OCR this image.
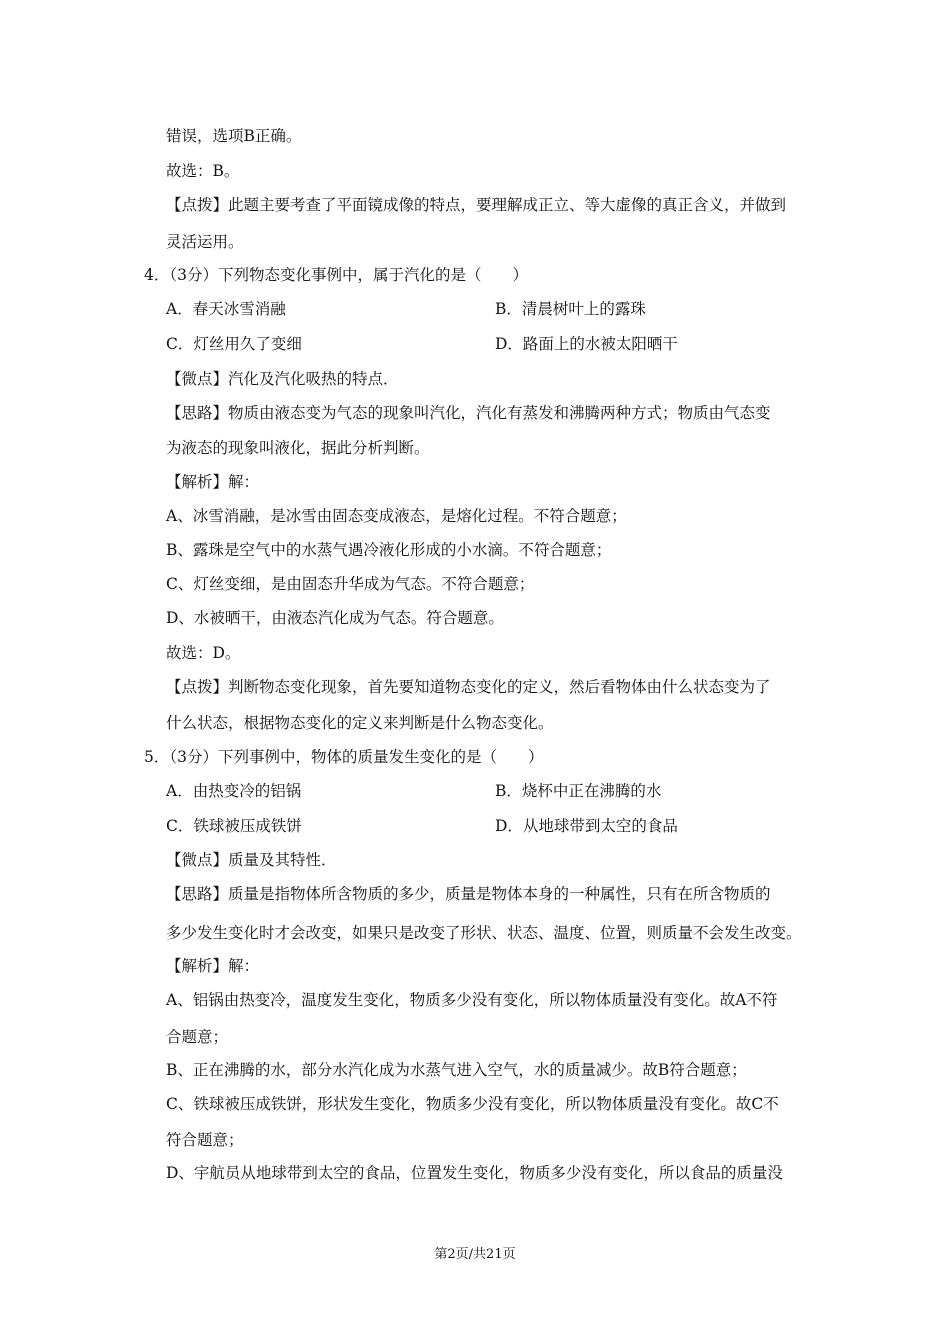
错误，选项B正确。
故选：B。
【点拨】此题主要考查了平面镜成像的特点，要理解成正立、等大虚像的真正含义，并做到
灵活运用。
4．（3分）下列物态变化事例中，属于汽化的是（　　）
A．春天冰雪消融	B．清晨树叶上的露珠
C．灯丝用久了变细	D．路面上的水被太阳晒干
【微点】汽化及汽化吸热的特点．
【思路】物质由液态变为气态的现象叫汽化，汽化有蒸发和沸腾两种方式；物质由气态变
为液态的现象叫液化，据此分析判断。
【解析】解：
A、冰雪消融，是冰雪由固态变成液态，是熔化过程。不符合题意；
B、露珠是空气中的水蒸气遇冷液化形成的小水滴。不符合题意；
C、灯丝变细，是由固态升华成为气态。不符合题意；
D、水被晒干，由液态汽化成为气态。符合题意。
故选：D。
【点拨】判断物态变化现象，首先要知道物态变化的定义，然后看物体由什么状态变为了
什么状态，根据物态变化的定义来判断是什么物态变化。
5．（3分）下列事例中，物体的质量发生变化的是（　　）
A．由热变冷的铝锅	B．烧杯中正在沸腾的水
C．铁球被压成铁饼	D．从地球带到太空的食品
【微点】质量及其特性．
【思路】质量是指物体所含物质的多少，质量是物体本身的一种属性，只有在所含物质的
多少发生变化时才会改变，如果只是改变了形状、状态、温度、位置，则质量不会发生改变。
【解析】解：
A、铝锅由热变冷，温度发生变化，物质多少没有变化，所以物体质量没有变化。故A不符
合题意；
B、正在沸腾的水，部分水汽化成为水蒸气进入空气，水的质量减少。故B符合题意；
C、铁球被压成铁饼，形状发生变化，物质多少没有变化，所以物体质量没有变化。故C不
符合题意；
D、宇航员从地球带到太空的食品，位置发生变化，物质多少没有变化，所以食品的质量没
第2页/共21页
